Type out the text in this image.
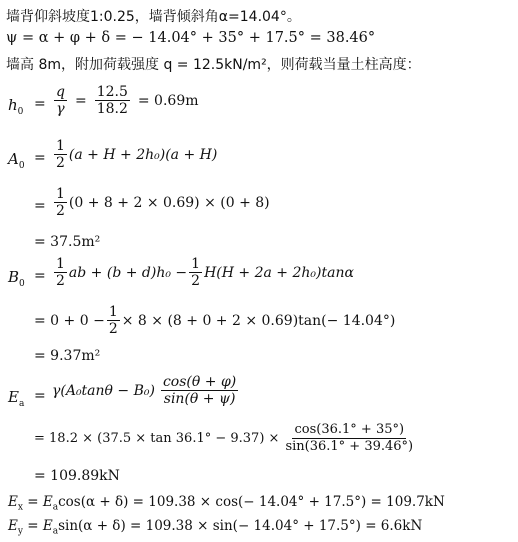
墙背仰斜坡度1:0.25，墙背倾斜角α=14.04°。
ψ = α + φ + δ = − 14.04° + 35° + 17.5° = 38.46°
墙高 8m，附加荷载强度 q = 12.5kN/m²，则荷载当量土柱高度：
$h_0 = \frac{q}{\gamma} = \frac{12.5}{18.2} = 0.69m$
$A_0 = \frac{1}{2} (a + H + 2h_0)(a + H)$
= $\frac{1}{2} (0 + 8 + 2 \times 0.69) \times (0 + 8)$
= 37.5m²
$B_0 = \frac{1}{2}$ ab + $(b + d)h_0 - \frac{1}{2} H(H + 2a + 2h_0)\tan\alpha$
= $0 + 0 - \frac{1}{2} \times 8 \times (8 + 0 + 2 \times 0.69)\tan(- 14.04^\circ)$
= 9.37m²
$E_a = \gamma(A_0\tan\theta - B_0) \frac{\cos(\theta + \varphi)}{\sin(\theta + \psi)}$
= $18.2 \times (37.5 \times \tan 36.1^\circ - 9.37) \times \frac{\cos(36.1^\circ + 35^\circ)}{\sin(36.1^\circ + 39.46^\circ)}$
= 109.89kN
$E_x = E_a\cos(\alpha + \delta) = 109.38 \times \cos(- 14.04^\circ + 17.5^\circ) = 109.7kN$
$E_y = E_a\sin(\alpha + \delta) = 109.38 \times \sin(- 14.04^\circ + 17.5^\circ) = 6.6kN$
